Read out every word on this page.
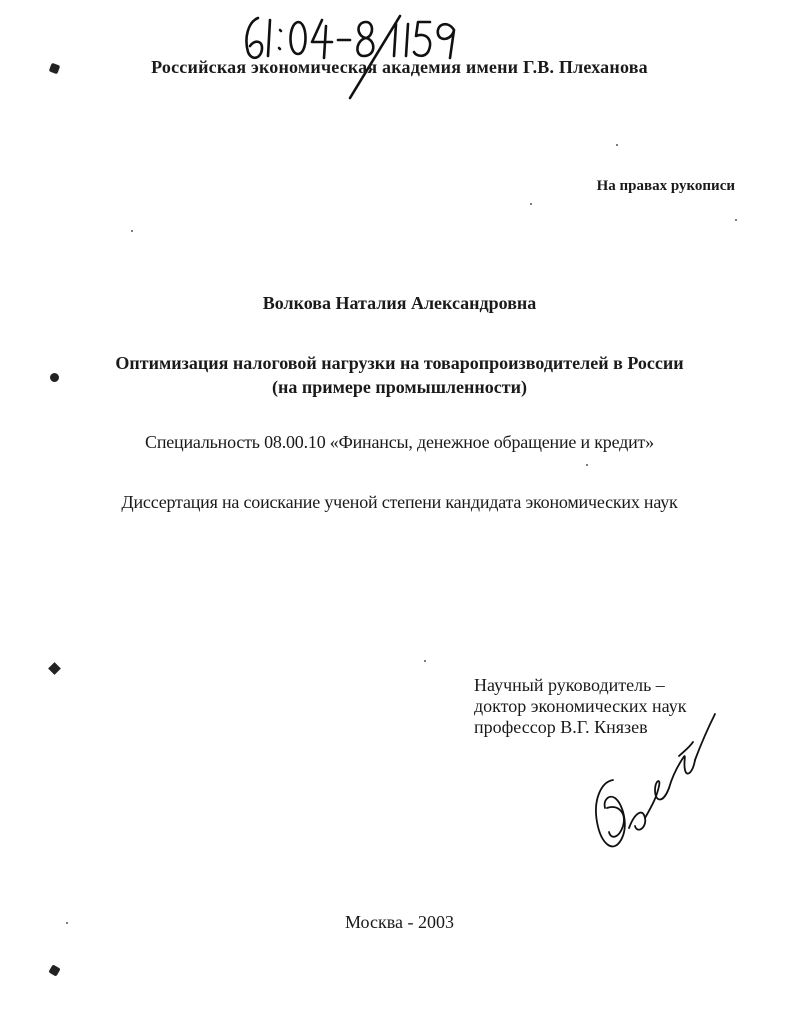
Российская экономическая академия имени Г.В. Плеханова
На правах рукописи
Волкова Наталия Александровна
Оптимизация налоговой нагрузки на товаропроизводителей в России
(на примере промышленности)
Специальность 08.00.10 «Финансы, денежное обращение и кредит»
Диссертация на соискание ученой степени кандидата экономических наук
Научный руководитель –
доктор экономических наук
профессор В.Г. Князев
Москва - 2003
